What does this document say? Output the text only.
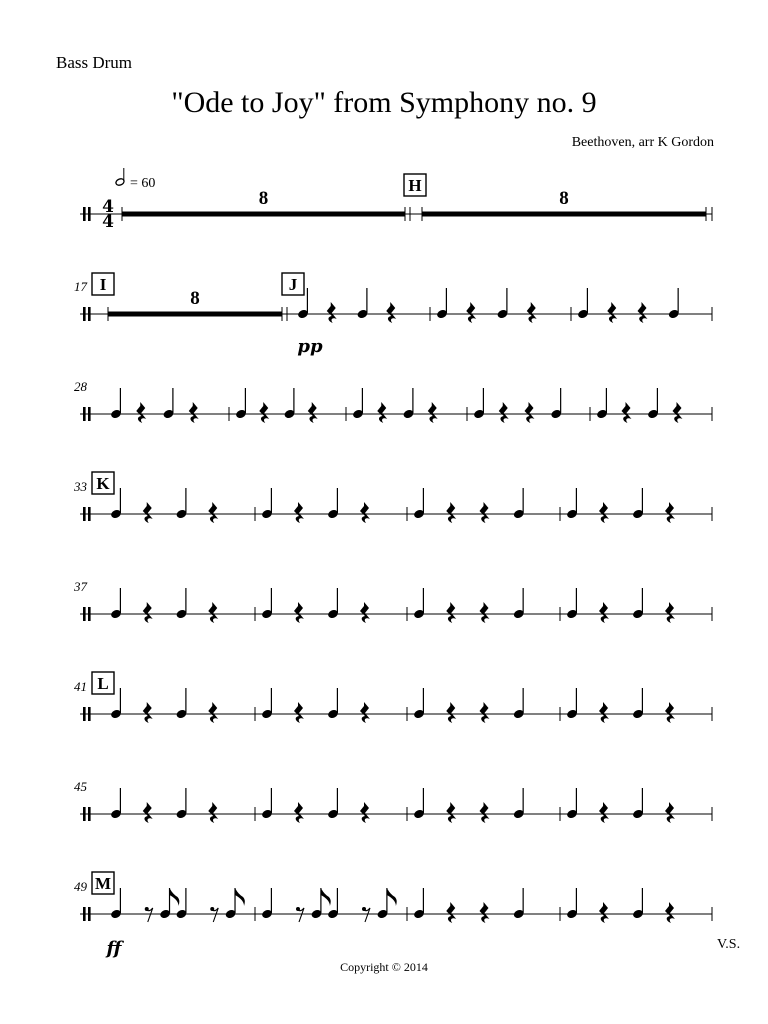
Bass Drum
"Ode to Joy" from Symphony no. 9
Beethoven, arr K Gordon
V.S.
Copyright © 2014
4
4
= 60
8
H
8
17 I
8
J
pp
28
33 K
37
41 L
45
49 M
ff
